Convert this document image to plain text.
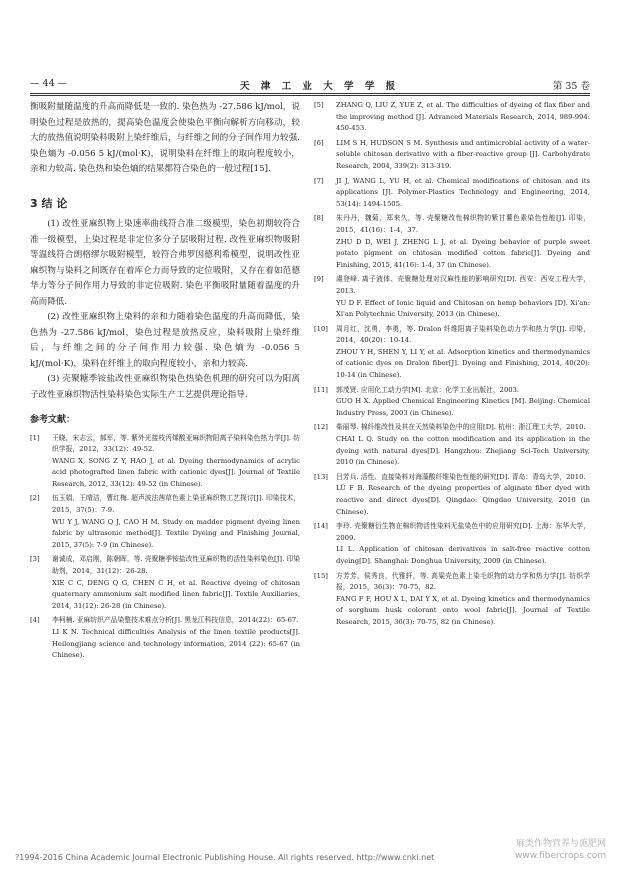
— 44 —	天 津 工 业 大 学 学 报	第 35 卷

衡吸附量随温度的升高而降低是一致的. 染色热为 -27.586 kJ/mol，说明染色过程是放热的，提高染色温度会使染色平衡向解析方向移动，较大的放热值说明染料吸附上染纤维后，与纤维之间的分子间作用力较强. 染色熵为 -0.056 5 kJ/(mol·K)，说明染料在纤维上的取向程度较小，亲和力较高. 染色热和染色熵的结果都符合染色的一般过程[15].

3 结 论

(1) 改性亚麻织物上染速率曲线符合准二级模型，染色初期较符合准一级模型，上染过程是非定位多分子层吸附过程. 改性亚麻织物吸附等温线符合朗格缪尔吸附模型，较符合弗罗因德利希模型，说明改性亚麻织物与染料之间既存在着库仑力而导致的定位吸附，又存在着如范德华力等分子间作用力导致的非定位吸附. 染色平衡吸附量随着温度的升高而降低.

(2) 改性亚麻织物上染料的亲和力随着染色温度的升高而降低，染色热为 -27.586 kJ/mol，染色过程是放热反应，染料吸附上染纤维后，与纤维之间的分子间作用力较强. 染色熵为 -0.056 5 kJ/(mol·K)，染料在纤维上的取向程度较小，亲和力较高.

(3) 壳聚糖季铵盐改性亚麻织物染色热染色机理的研究可以为阳离子改性亚麻织物活性染料染色实际生产工艺提供理论指导.

参考文献：
[1]	王晓，宋志云，郝军，等. 紫外光接枝丙烯酸亚麻织物阳离子染料染色热力学[J]. 纺织学报，2012，33(12)：49-52.
WANG X, SONG Z Y, HAO J, et al. Dyeing thermodynamics of acrylic acid photografted linen fabric with cationic dyes[J]. Journal of Textile Research, 2012, 33(12): 49-52 (in Chinese).
[2]	伍玉娟，王晴洁，曹红梅. 超声波法茜草色素上染亚麻织物工艺探讨[J]. 印染技术，2015，37(5)：7-9.
WU Y J, WANG Q J, CAO H M. Study on madder pigment dyeing linen fabric by ultrasonic method[J]. Textile Dyeing and Finishing Journal, 2015, 37(5): 7-9 (in Chinese).
[3]	谢诚成，邓启刚，陈朝晖，等. 壳聚糖季铵盐改性亚麻织物的活性染料染色[J]. 印染助剂，2014，31(12)：26-28.
XIE C C, DENG Q G, CHEN C H, et al. Reactive dyeing of chitosan quaternary ammonium salt modified linen fabric[J]. Textile Auxiliaries, 2014, 31(12): 26-28 (in Chinese).
[4]	李柯楠. 亚麻纺织产品染整技术难点分析[J]. 黑龙江科技信息，2014(22)：65-67.
LI K N. Technical difficulties Analysis of the linen textile products[J]. Heilongjiang science and technology information, 2014 (22): 65-67 (in Chinese).
[5]	ZHANG Q, LIU Z, YUE Z, et al. The difficulties of dyeing of flax fiber and the improving method [J]. Advanced Materials Research, 2014, 989-994: 450-453.
[6]	LIM S H, HUDSON S M. Synthesis and antimicrobial activity of a water-soluble chitosan derivative with a fiber-reactive group [J]. Carbohydrate Research, 2004, 339(2): 313-319.
[7]	JI J, WANG L, YU H, et al. Chemical modifications of chitosan and its applications [J]. Polymer-Plastics Technology and Engineering, 2014, 53(14): 1494-1505.
[8]	朱丹丹，魏菊，郑来久，等. 壳聚糖改性棉织物的紫甘薯色素染色性能[J]. 印染，2015，41(16)：1-4，37.
ZHU D D, WEI J, ZHENG L J, et al. Dyeing behavior of purple sweet potato pigment on chitosan modified cotton fabric[J]. Dyeing and Finishing, 2015, 41(16): 1-4, 37 (in Chinese).
[9]	虞登峰. 离子液体、壳聚糖处理对汉麻性能的影响研究[D]. 西安：西安工程大学，2013.
YU D F. Effect of Ionic liquid and Chitosan on hemp behaviors [D]. Xi'an: Xi'an Polytechnic University, 2013 (in Chinese).
[10]	周月红，沈勇，李勇，等. Dralon 纤维阳离子染料染色动力学和热力学[J]. 印染，2014，40(20)：10-14.
ZHOU Y H, SHEN Y, LI Y, et al. Adsorption kinetics and thermodynamics of cationic dyes on Dralon fiber[J]. Dyeing and Finishing, 2014, 40(20): 10-14 (in Chinese).
[11]	郭茂贤. 应用化工动力学[M]. 北京：化学工业出版社，2003.
GUO H X. Applied Chemical Engineering Kinetics [M]. Beijing: Chemical Industry Press, 2003 (in Chinese).
[12]	柴丽琴. 棉纤维改性及其在天然染料染色中的应用[D]. 杭州：浙江理工大学，2010.
CHAI L Q. Study on the cotton modification and its application in the dyeing with natural dyes[D]. Hangzhou: Zhejiang Sci-Tech University, 2010 (in Chinese).
[13]	吕芳兵. 活性、直接染料对海藻酸纤维染色性能的研究[D]. 青岛：青岛大学，2010.
LÜ F B. Research of the dyeing properties of alginate fiber dyed with reactive and direct dyes[D]. Qingdao: Qingdao University, 2010 (in Chinese).
[14]	李玲. 壳聚糖衍生物在棉织物活性染料无盐染色中的应用研究[D]. 上海：东华大学，2009.
LI L. Application of chitosan derivatives in salt-free reactive cotton dyeing[D]. Shanghai: Donghua University, 2009 (in Chinese).
[15]	方芳芳，侯秀良，代雅轩，等. 高粱壳色素上染毛织物的动力学和热力学[J]. 纺织学报，2015，36(3)：70-75，82.
FANG F F, HOU X L, DAI Y X, et al. Dyeing kinetics and thermodynamics of sorghum husk colorant onto wool fabric[J]. Journal of Textile Research, 2015, 36(3): 70-75, 82 (in Chinese).
麻类作物营养与施肥网
www.fibercrops.com
?1994-2016 China Academic Journal Electronic Publishing House. All rights reserved. http://www.cnki.net
